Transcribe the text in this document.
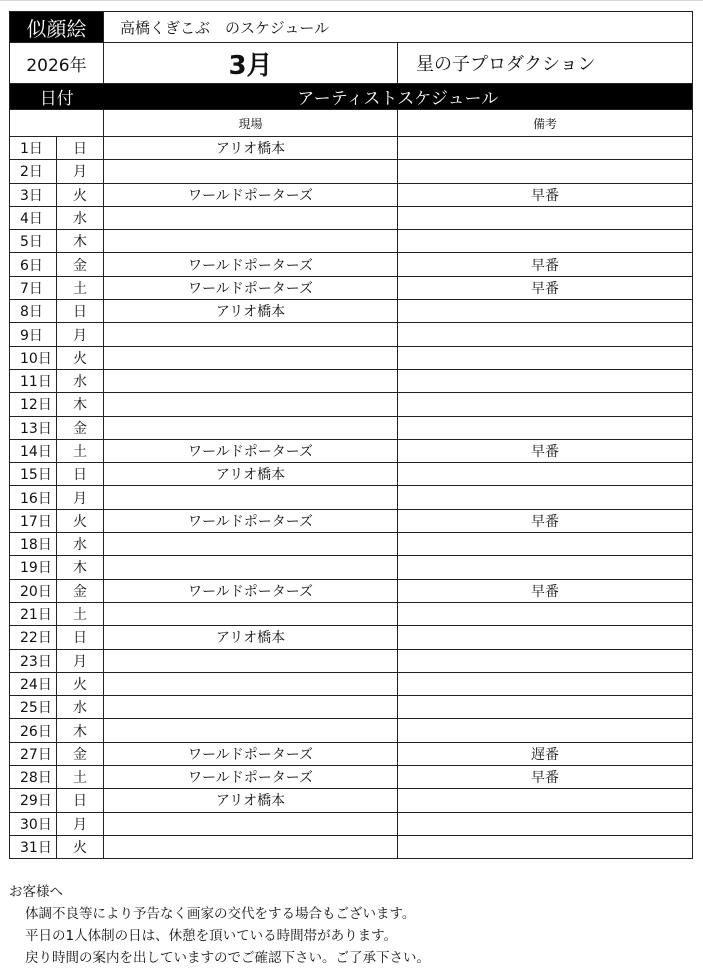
似顔絵		高橋くぎこぶ　のスケジュール	
2026年		3月	星の子プロダクション
日付		アーティストスケジュール	
		現場	備考
1日	日	アリオ橋本	
2日	月		
3日	火	ワールドポーターズ	早番
4日	水		
5日	木		
6日	金	ワールドポーターズ	早番
7日	土	ワールドポーターズ	早番
8日	日	アリオ橋本	
9日	月		
10日	火		
11日	水		
12日	木		
13日	金		
14日	土	ワールドポーターズ	早番
15日	日	アリオ橋本	
16日	月		
17日	火	ワールドポーターズ	早番
18日	水		
19日	木		
20日	金	ワールドポーターズ	早番
21日	土		
22日	日	アリオ橋本	
23日	月		
24日	火		
25日	水		
26日	木		
27日	金	ワールドポーターズ	遅番
28日	土	ワールドポーターズ	早番
29日	日	アリオ橋本	
30日	月		
31日	火		
お客様へ
体調不良等により予告なく画家の交代をする場合もございます。
平日の1人体制の日は、休憩を頂いている時間帯があります。
戻り時間の案内を出していますのでご確認下さい。ご了承下さい。
